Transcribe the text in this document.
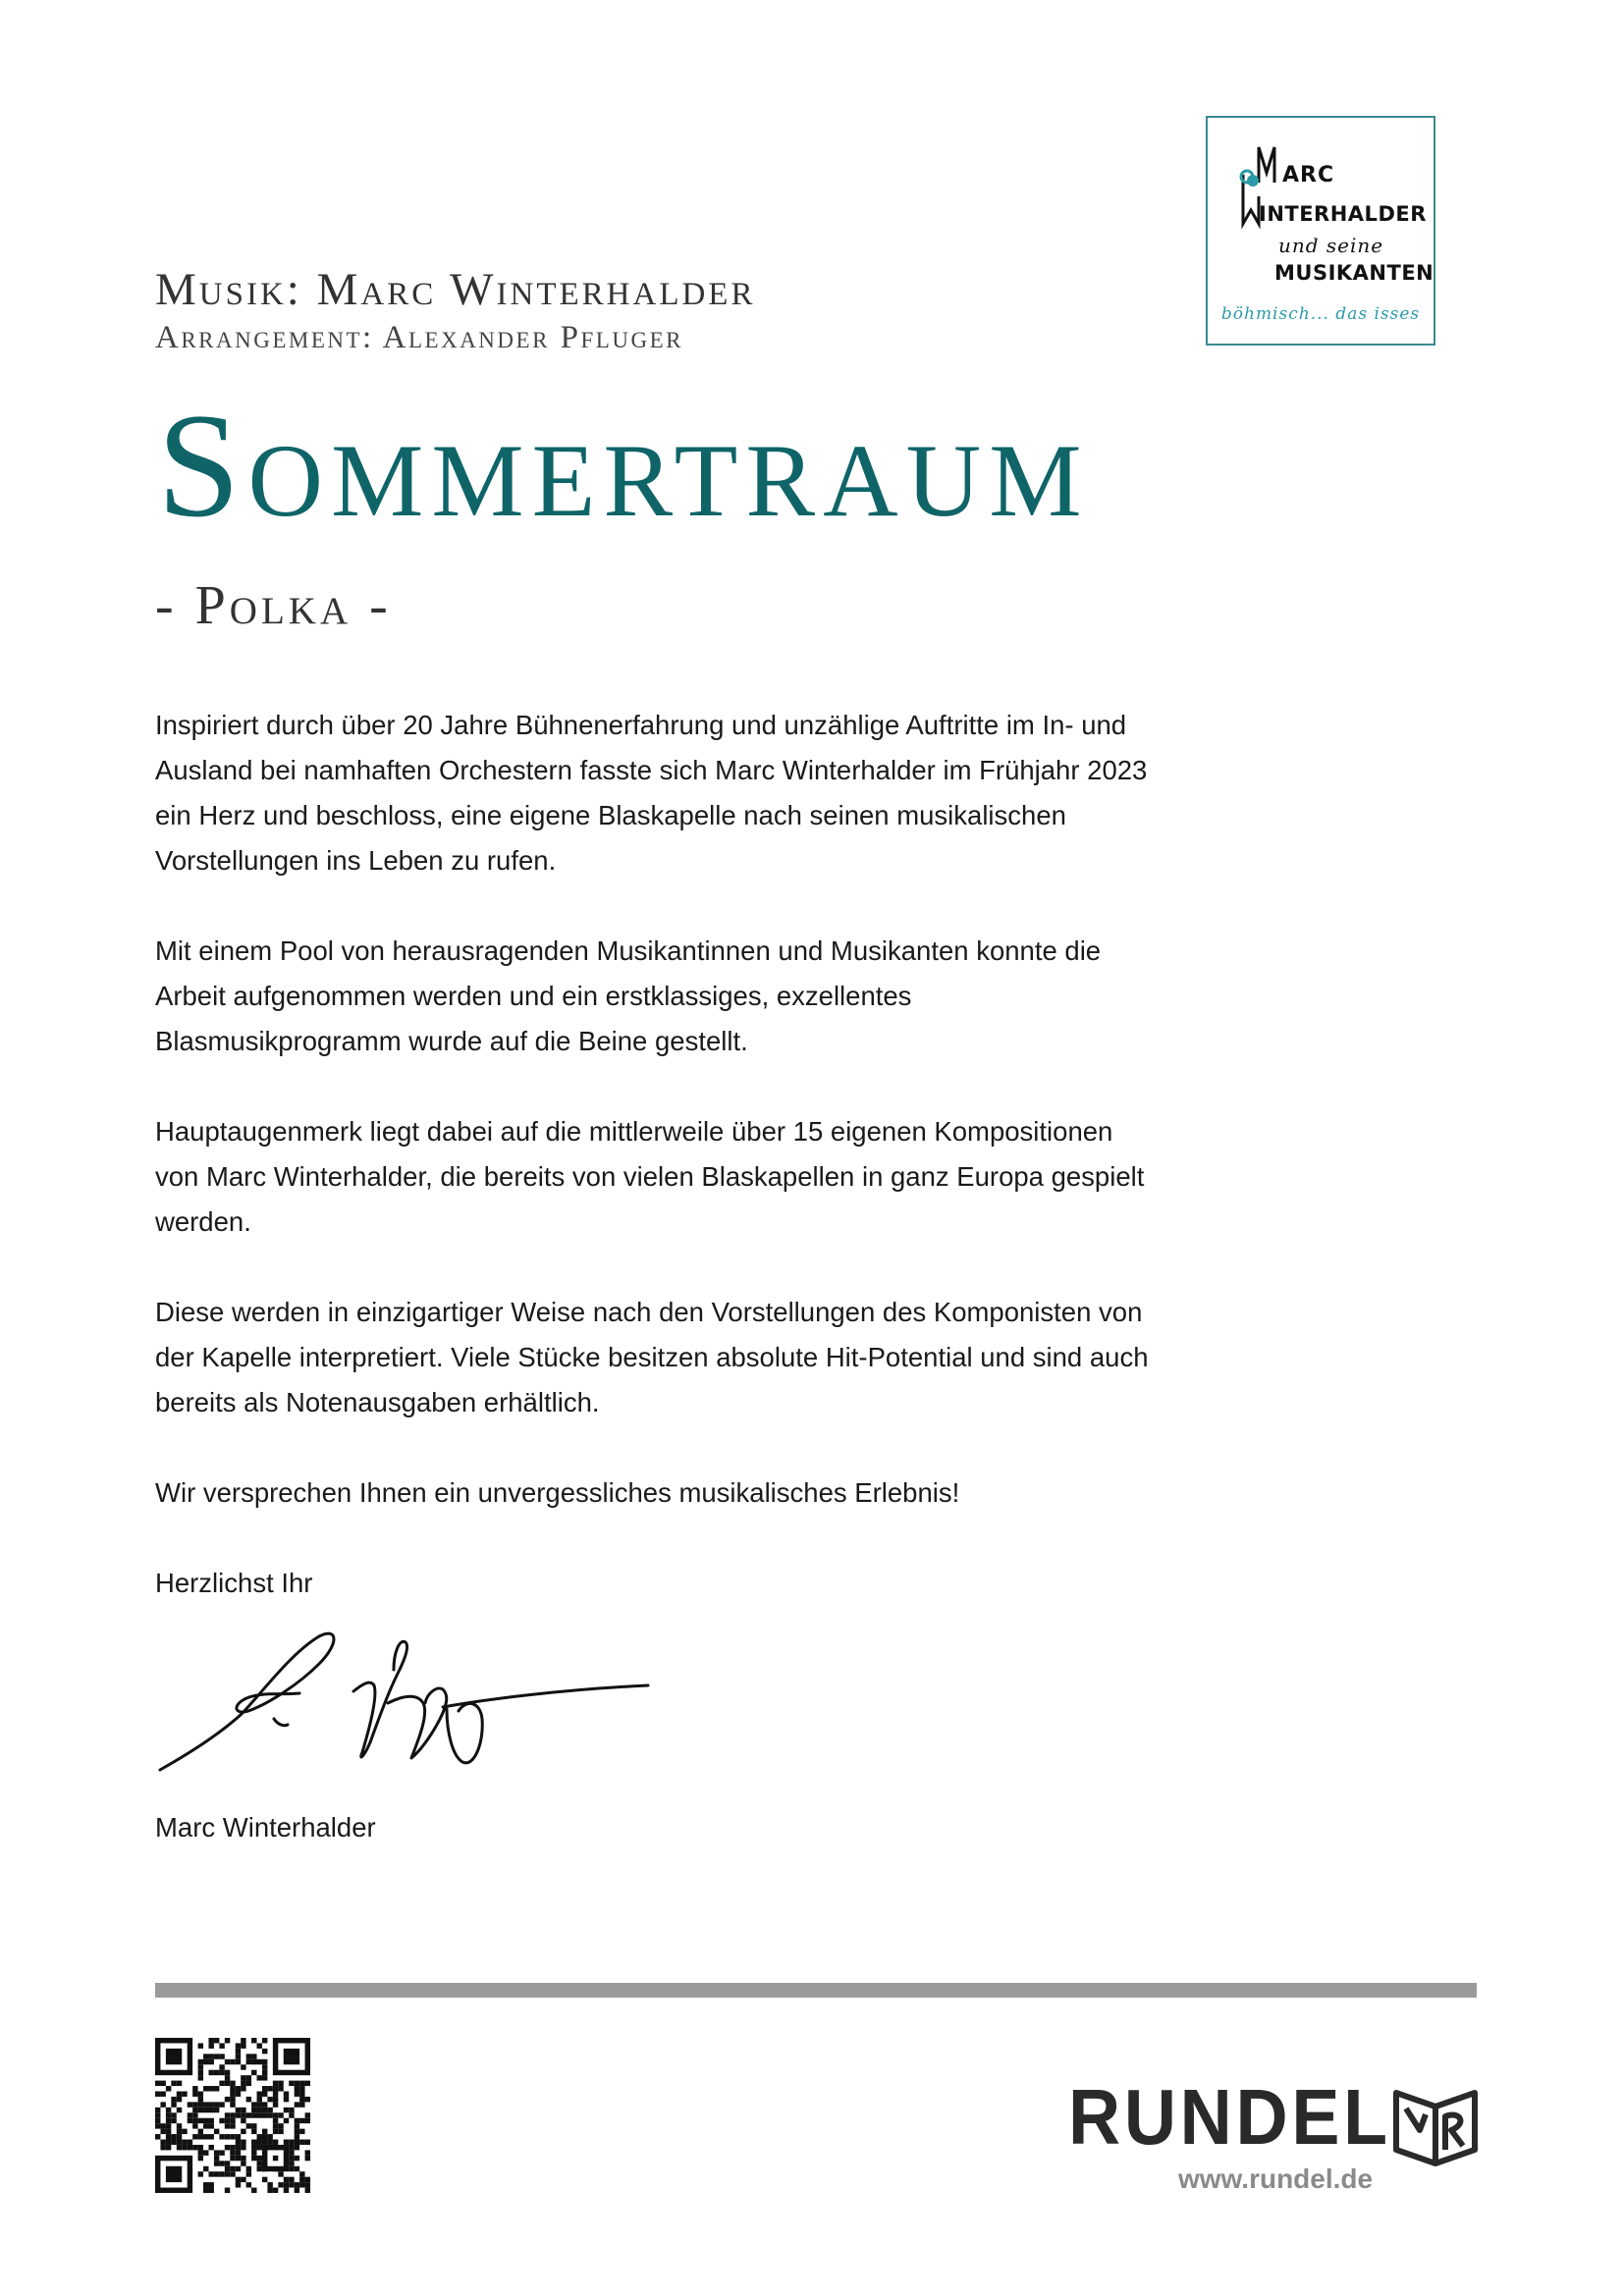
ARC
INTERHALDER
und seine
MUSIKANTEN
böhmisch... das isses
Musik: Marc Winterhalder
Arrangement: Alexander Pfluger
Sommertraum
- Polka -

Inspiriert durch über 20 Jahre Bühnenerfahrung und unzählige Auftritte im In- und Ausland bei namhaften Orchestern fasste sich Marc Winterhalder im Frühjahr 2023 ein Herz und beschloss, eine eigene Blaskapelle nach seinen musikalischen Vorstellungen ins Leben zu rufen.

Mit einem Pool von herausragenden Musikantinnen und Musikanten konnte die Arbeit aufgenommen werden und ein erstklassiges, exzellentes Blasmusikprogramm wurde auf die Beine gestellt.

Hauptaugenmerk liegt dabei auf die mittlerweile über 15 eigenen Kompositionen von Marc Winterhalder, die bereits von vielen Blaskapellen in ganz Europa gespielt werden.

Diese werden in einzigartiger Weise nach den Vorstellungen des Komponisten von der Kapelle interpretiert. Viele Stücke besitzen absolute Hit-Potential und sind auch bereits als Notenausgaben erhältlich.

Wir versprechen Ihnen ein unvergessliches musikalisches Erlebnis!

Herzlichst Ihr

Marc Winterhalder
RUNDEL
www.rundel.de
